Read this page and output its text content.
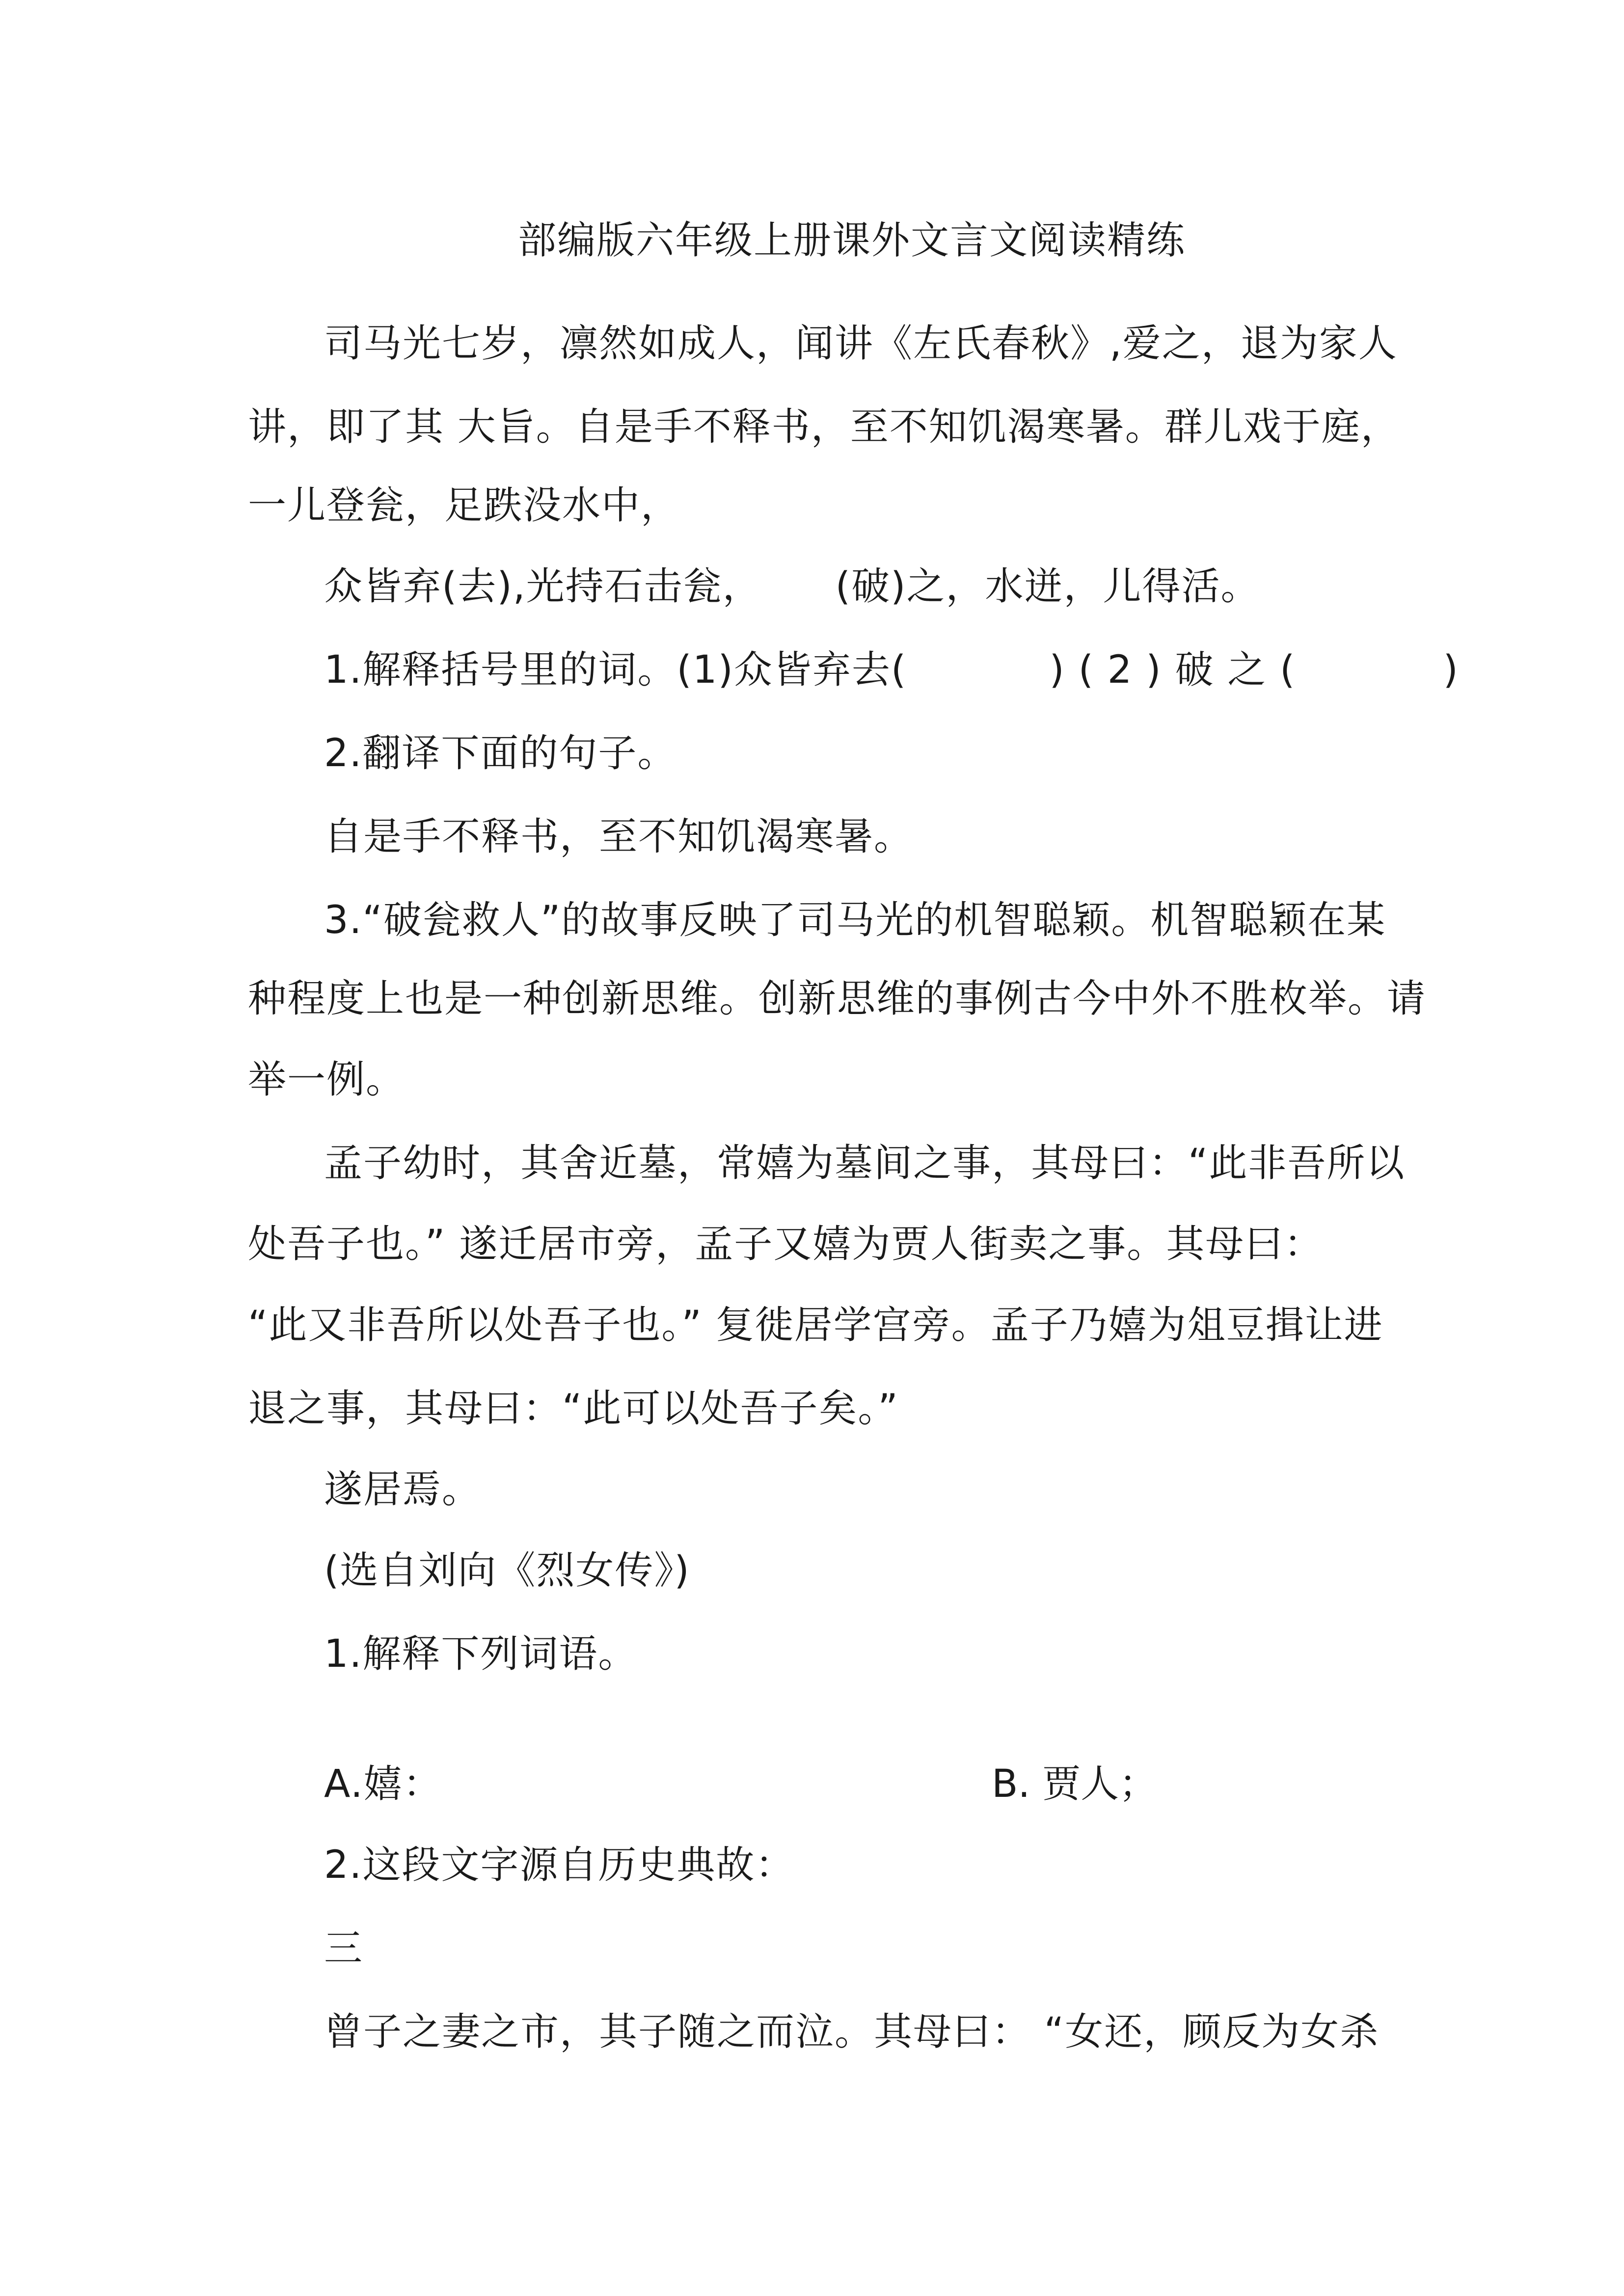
部编版六年级上册课外文言文阅读精练
司马光七岁，凛然如成人，闻讲《左氏春秋》,爱之，退为家人
讲，即了其 大旨。自是手不释书，至不知饥渴寒暑。群儿戏于庭，
一儿登瓮，足跌没水中，
众皆弃(去),光持石击瓮， (破)之，水迸，儿得活。
1.解释括号里的词。(1)众皆弃去(	) ( 2 ) 破 之 (	)
2.翻译下面的句子。
自是手不释书，至不知饥渴寒暑。
3.“破瓮救人”的故事反映了司马光的机智聪颖。机智聪颖在某
种程度上也是一种创新思维。创新思维的事例古今中外不胜枚举。请
举一例。
孟子幼时，其舍近墓，常嬉为墓间之事，其母曰：“此非吾所以
处吾子也。” 遂迁居市旁，孟子又嬉为贾人街卖之事。其母曰：
“此又非吾所以处吾子也。” 复徙居学宫旁。孟子乃嬉为俎豆揖让进
退之事，其母曰：“此可以处吾子矣。”
遂居焉。
(选自刘向《烈女传》)
1.解释下列词语。
A.嬉：	B. 贾人；
2.这段文字源自历史典故：
三
曾子之妻之市，其子随之而泣。其母曰： “女还，顾反为女杀
